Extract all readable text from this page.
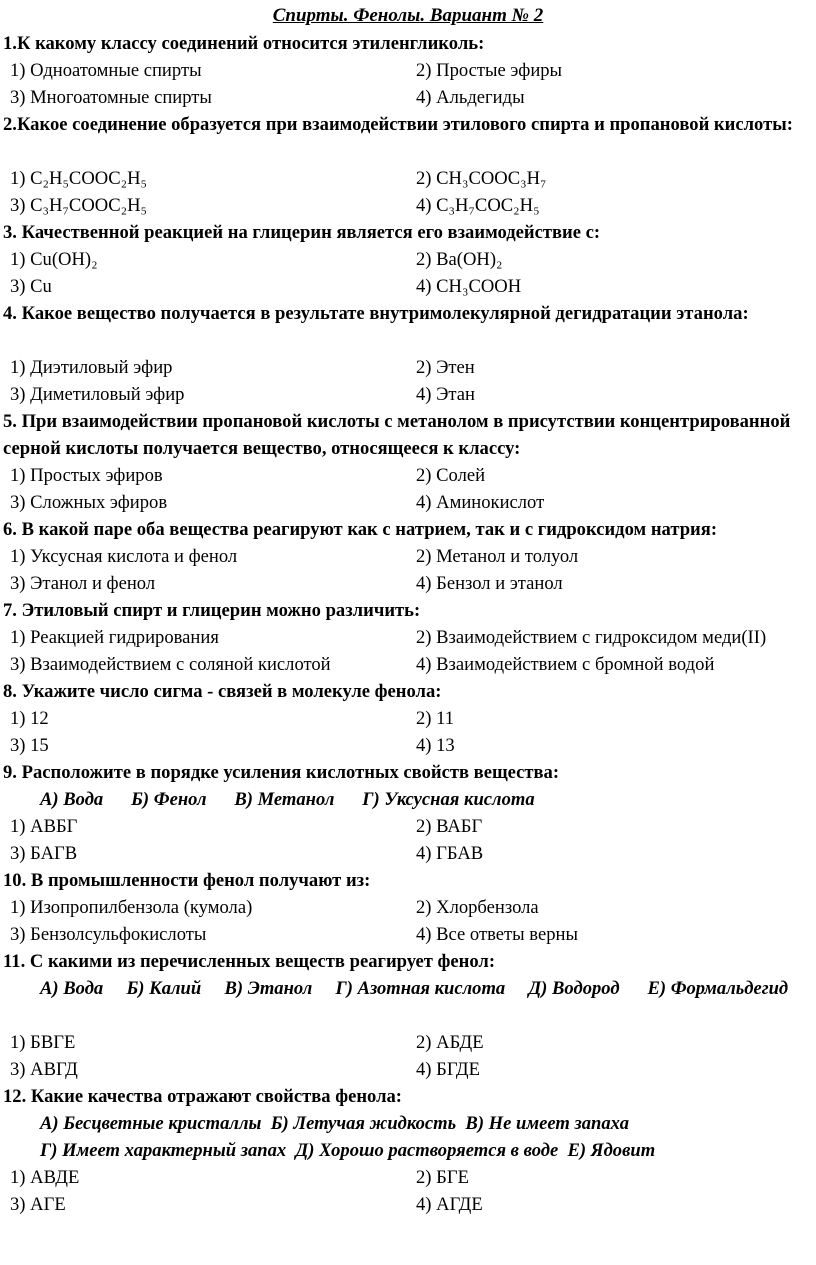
Спирты. Фенолы. Вариант № 2
1.К какому классу соединений относится этиленгликоль:
1) Одноатомные спирты	2) Простые эфиры
3) Многоатомные спирты	4) Альдегиды
2.Какое соединение образуется при взаимодействии этилового спирта и пропановой кислоты:
1) C₂H₅COOC₂H₅	2) CH₃COOC₃H₇
3) C₃H₇COOC₂H₅	4) C₃H₇COC₂H₅
3. Качественной реакцией на глицерин является его взаимодействие с:
1) Cu(OH)₂	2) Ba(OH)₂
3) Cu	4) CH₃COOH
4. Какое вещество получается в результате внутримолекулярной дегидратации этанола:
1) Диэтиловый эфир	2) Этен
3) Диметиловый эфир	4) Этан
5. При взаимодействии пропановой кислоты с метанолом в присутствии концентрированной серной кислоты получается вещество, относящееся к классу:
1) Простых эфиров	2) Солей
3) Сложных эфиров	4) Аминокислот
6. В какой паре оба вещества реагируют как с натрием, так и с гидроксидом натрия:
1) Уксусная кислота и фенол	2) Метанол и толуол
3) Этанол и фенол	4) Бензол и этанол
7. Этиловый спирт и глицерин можно различить:
1) Реакцией гидрирования	2) Взаимодействием с гидроксидом меди(II)
3) Взаимодействием с соляной кислотой	4) Взаимодействием с бромной водой
8. Укажите число сигма - связей в молекуле фенола:
1) 12	2) 11
3) 15	4) 13
9. Расположите в порядке усиления кислотных свойств вещества:
А) Вода      Б) Фенол      В) Метанол      Г) Уксусная кислота
1) АВБГ	2) ВАБГ
3) БАГВ	4) ГБАВ
10. В промышленности фенол получают из:
1) Изопропилбензола (кумола)	2) Хлорбензола
3) Бензолсульфокислоты	4) Все ответы верны
11. С какими из перечисленных веществ реагирует фенол:
А) Вода     Б) Калий     В) Этанол     Г) Азотная кислота     Д) Водород      Е) Формальдегид
1) БВГЕ	2) АБДЕ
3) АВГД	4) БГДЕ
12. Какие качества отражают свойства фенола:
А) Бесцветные кристаллы  Б) Летучая жидкость  В) Не имеет запаха
Г) Имеет характерный запах  Д) Хорошо растворяется в воде  Е) Ядовит
1) АВДЕ	2) БГЕ
3) АГЕ	4) АГДЕ
